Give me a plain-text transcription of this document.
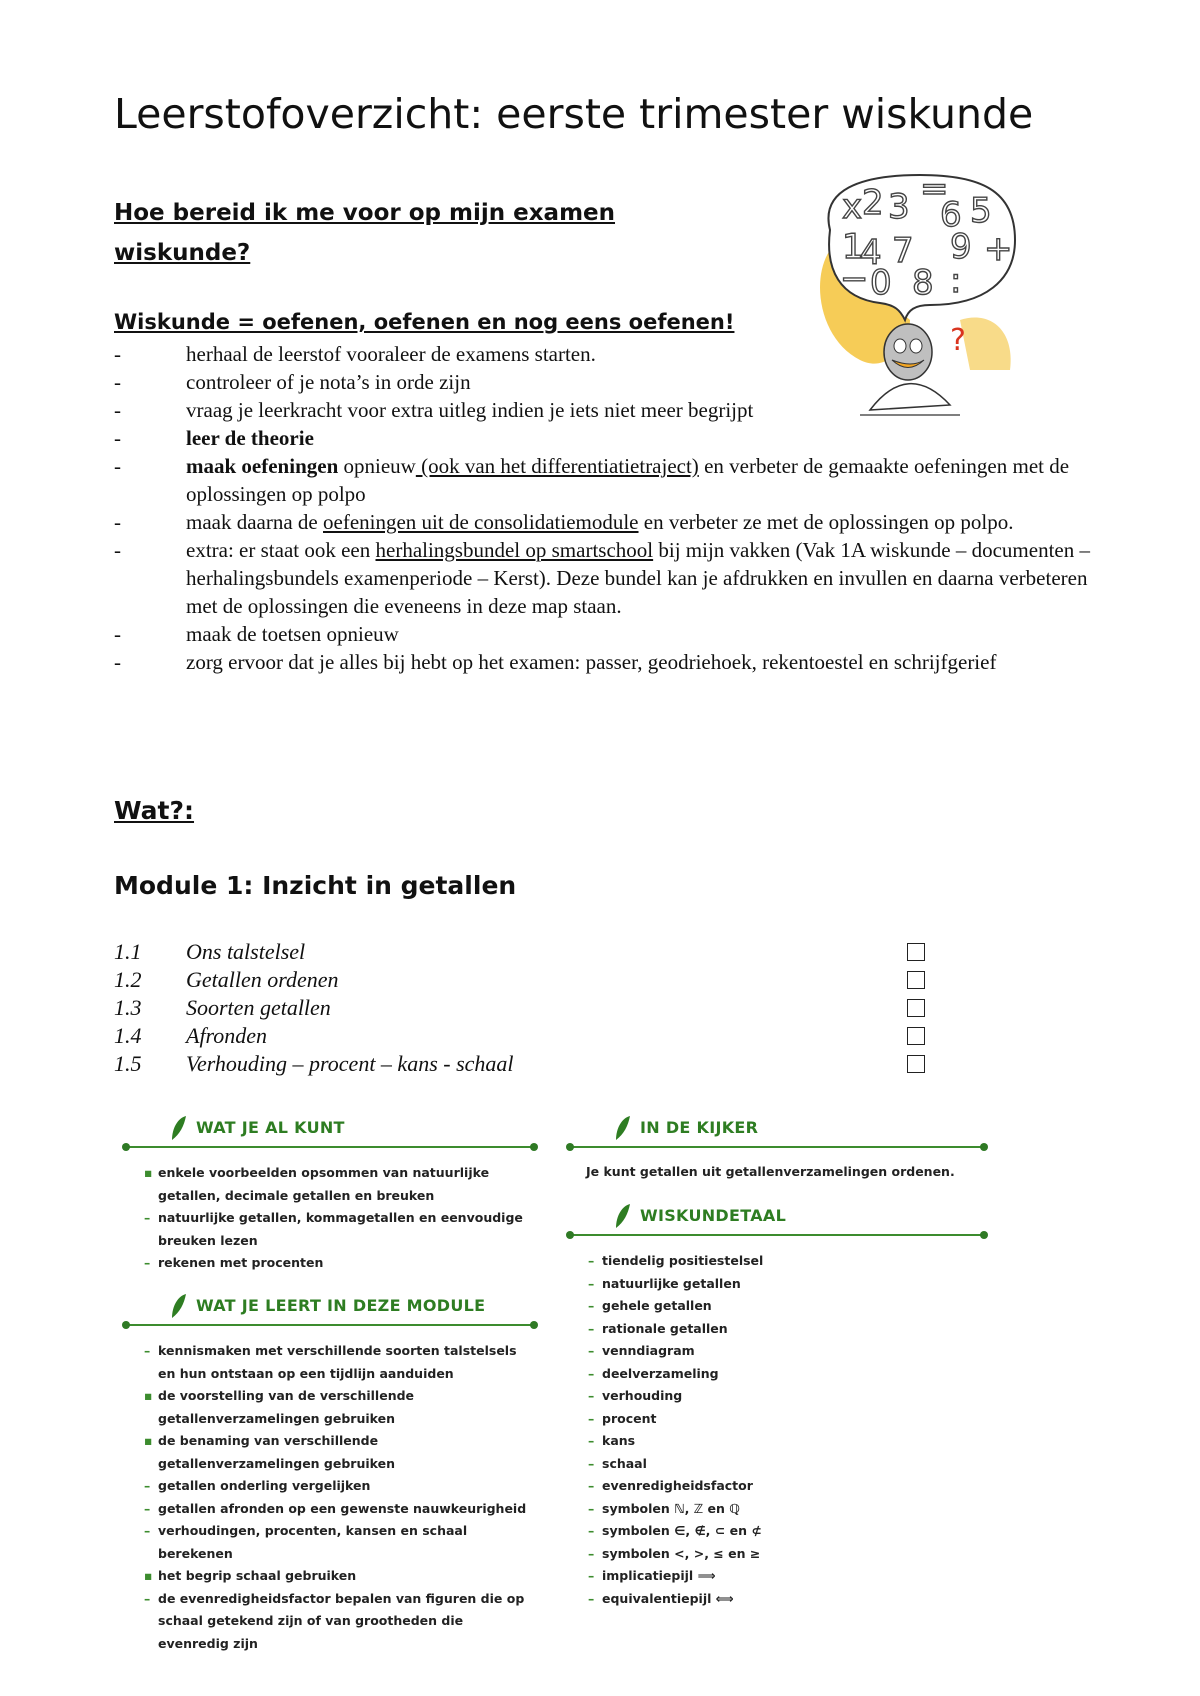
Leerstofoverzicht: eerste trimester wiskunde
Hoe bereid ik me voor op mijn examen wiskunde?
x 2 3 =
6 5
1
4 7 9 +
− 0 8 :
?

Wiskunde = oefenen, oefenen en nog eens oefenen!

-	herhaal de leerstof vooraleer de examens starten.
-	controleer of je nota’s in orde zijn
-	vraag je leerkracht voor extra uitleg indien je iets niet meer begrijpt
-	leer de theorie
-	maak oefeningen opnieuw (ook van het differentiatietraject) en verbeter de gemaakte oefeningen met de oplossingen op polpo
-	maak daarna de oefeningen uit de consolidatiemodule en verbeter ze met de oplossingen op polpo.
-	extra: er staat ook een herhalingsbundel op smartschool bij mijn vakken (Vak 1A wiskunde – documenten – herhalingsbundels examenperiode – Kerst). Deze bundel kan je afdrukken en invullen en daarna verbeteren met de oplossingen die eveneens in deze map staan.
-	maak de toetsen opnieuw
-	zorg ervoor dat je alles bij hebt op het examen: passer, geodriehoek, rekentoestel en schrijfgerief
Wat?:
Module 1: Inzicht in getallen
1.1 Ons talstelsel
1.2 Getallen ordenen
1.3 Soorten getallen
1.4 Afronden
1.5 Verhouding – procent – kans - schaal
WAT JE AL KUNT
▪ enkele voorbeelden opsommen van natuurlijke getallen, decimale getallen en breuken
– natuurlijke getallen, kommagetallen en eenvoudige breuken lezen
– rekenen met procenten
WAT JE LEERT IN DEZE MODULE
– kennismaken met verschillende soorten talstelsels en hun ontstaan op een tijdlijn aanduiden
▪ de voorstelling van de verschillende getallenverzamelingen gebruiken
▪ de benaming van verschillende getallenverzamelingen gebruiken
– getallen onderling vergelijken
– getallen afronden op een gewenste nauwkeurigheid
– verhoudingen, procenten, kansen en schaal berekenen
▪ het begrip schaal gebruiken
– de evenredigheidsfactor bepalen van figuren die op schaal getekend zijn of van grootheden die evenredig zijn
IN DE KIJKER

Je kunt getallen uit getallenverzamelingen ordenen.

WISKUNDETAAL
– tiendelig positiestelsel
– natuurlijke getallen
– gehele getallen
– rationale getallen
– venndiagram
– deelverzameling
– verhouding
– procent
– kans
– schaal
– evenredigheidsfactor
– symbolen ℕ, ℤ en ℚ
– symbolen ∈, ∉, ⊂ en ⊄
– symbolen <, >, ≤ en ≥
– implicatiepijl ⟹
– equivalentiepijl ⟺
